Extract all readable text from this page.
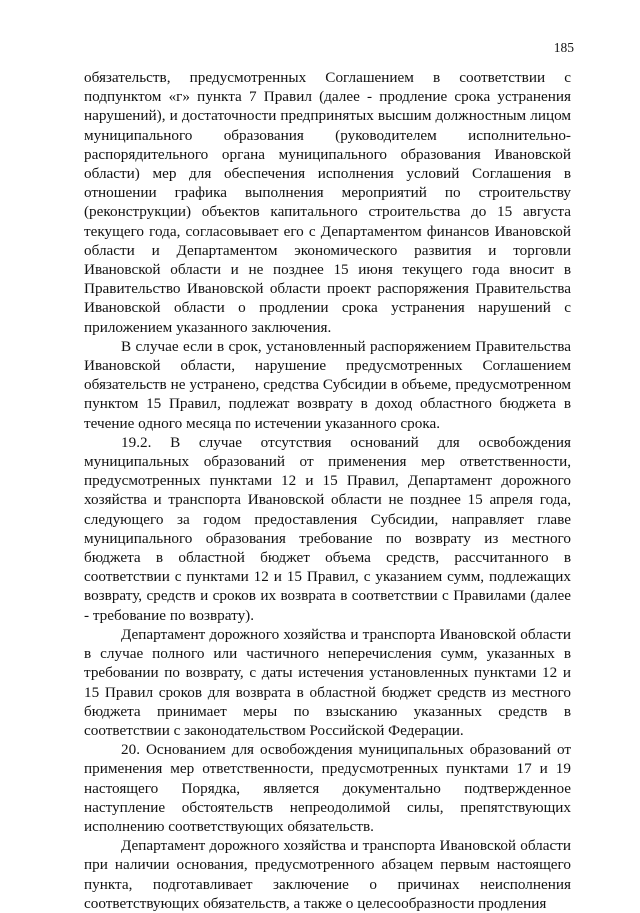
185

обязательств, предусмотренных Соглашением в соответствии с подпунктом «г» пункта 7 Правил (далее - продление срока устранения нарушений), и достаточности предпринятых высшим должностным лицом муниципального образования (руководителем исполнительно-распорядительного органа муниципального образования Ивановской области) мер для обеспечения исполнения условий Соглашения в отношении графика выполнения мероприятий по строительству (реконструкции) объектов капитального строительства до 15 августа текущего года, согласовывает его с Департаментом финансов Ивановской области и Департаментом экономического развития и торговли Ивановской области и не позднее 15 июня текущего года вносит в Правительство Ивановской области проект распоряжения Правительства Ивановской области о продлении срока устранения нарушений с приложением указанного заключения.

В случае если в срок, установленный распоряжением Правительства Ивановской области, нарушение предусмотренных Соглашением обязательств не устранено, средства Субсидии в объеме, предусмотренном пунктом 15 Правил, подлежат возврату в доход областного бюджета в течение одного месяца по истечении указанного срока.

19.2. В случае отсутствия оснований для освобождения муниципальных образований от применения мер ответственности, предусмотренных пунктами 12 и 15 Правил, Департамент дорожного хозяйства и транспорта Ивановской области не позднее 15 апреля года, следующего за годом предоставления Субсидии, направляет главе муниципального образования требование по возврату из местного бюджета в областной бюджет объема средств, рассчитанного в соответствии с пунктами 12 и 15 Правил, с указанием сумм, подлежащих возврату, средств и сроков их возврата в соответствии с Правилами (далее - требование по возврату).

Департамент дорожного хозяйства и транспорта Ивановской области в случае полного или частичного неперечисления сумм, указанных в требовании по возврату, с даты истечения установленных пунктами 12 и 15 Правил сроков для возврата в областной бюджет средств из местного бюджета принимает меры по взысканию указанных средств в соответствии с законодательством Российской Федерации.

20. Основанием для освобождения муниципальных образований от применения мер ответственности, предусмотренных пунктами 17 и 19 настоящего Порядка, является документально подтвержденное наступление обстоятельств непреодолимой силы, препятствующих исполнению соответствующих обязательств.

Департамент дорожного хозяйства и транспорта Ивановской области при наличии основания, предусмотренного абзацем первым настоящего пункта, подготавливает заключение о причинах неисполнения соответствующих обязательств, а также о целесообразности продления
